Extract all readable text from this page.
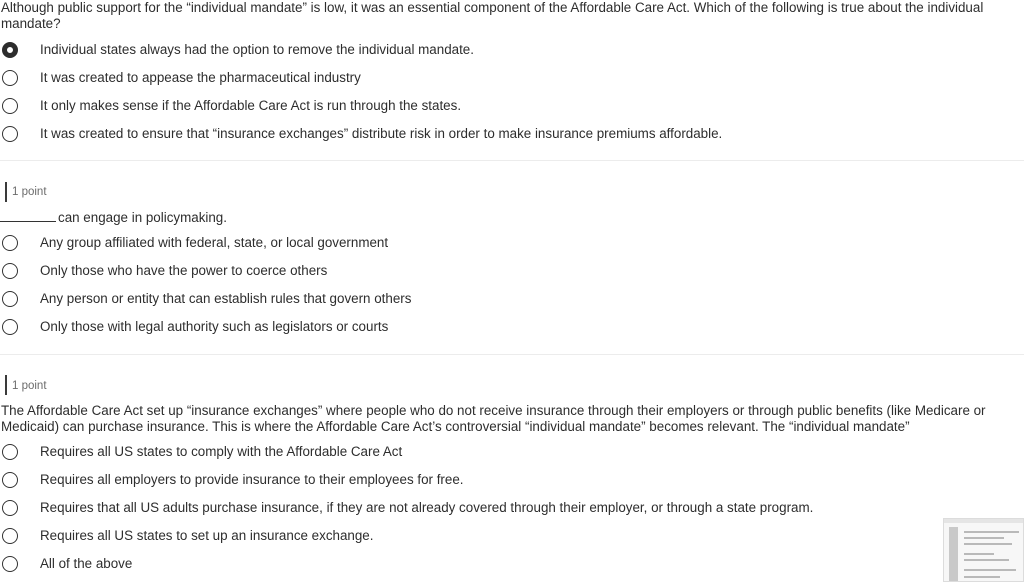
Although public support for the “individual mandate” is low, it was an essential component of the Affordable Care Act. Which of the following is true about the individual mandate?

Individual states always had the option to remove the individual mandate.
It was created to appease the pharmaceutical industry
It only makes sense if the Affordable Care Act is run through the states.
It was created to ensure that “insurance exchanges” distribute risk in order to make insurance premiums affordable.
1 point

can engage in policymaking.

Any group affiliated with federal, state, or local government
Only those who have the power to coerce others
Any person or entity that can establish rules that govern others
Only those with legal authority such as legislators or courts
1 point

The Affordable Care Act set up “insurance exchanges” where people who do not receive insurance through their employers or through public benefits (like Medicare or Medicaid) can purchase insurance. This is where the Affordable Care Act’s controversial “individual mandate” becomes relevant. The “individual mandate”

Requires all US states to comply with the Affordable Care Act
Requires all employers to provide insurance to their employees for free.
Requires that all US adults purchase insurance, if they are not already covered through their employer, or through a state program.
Requires all US states to set up an insurance exchange.
All of the above
